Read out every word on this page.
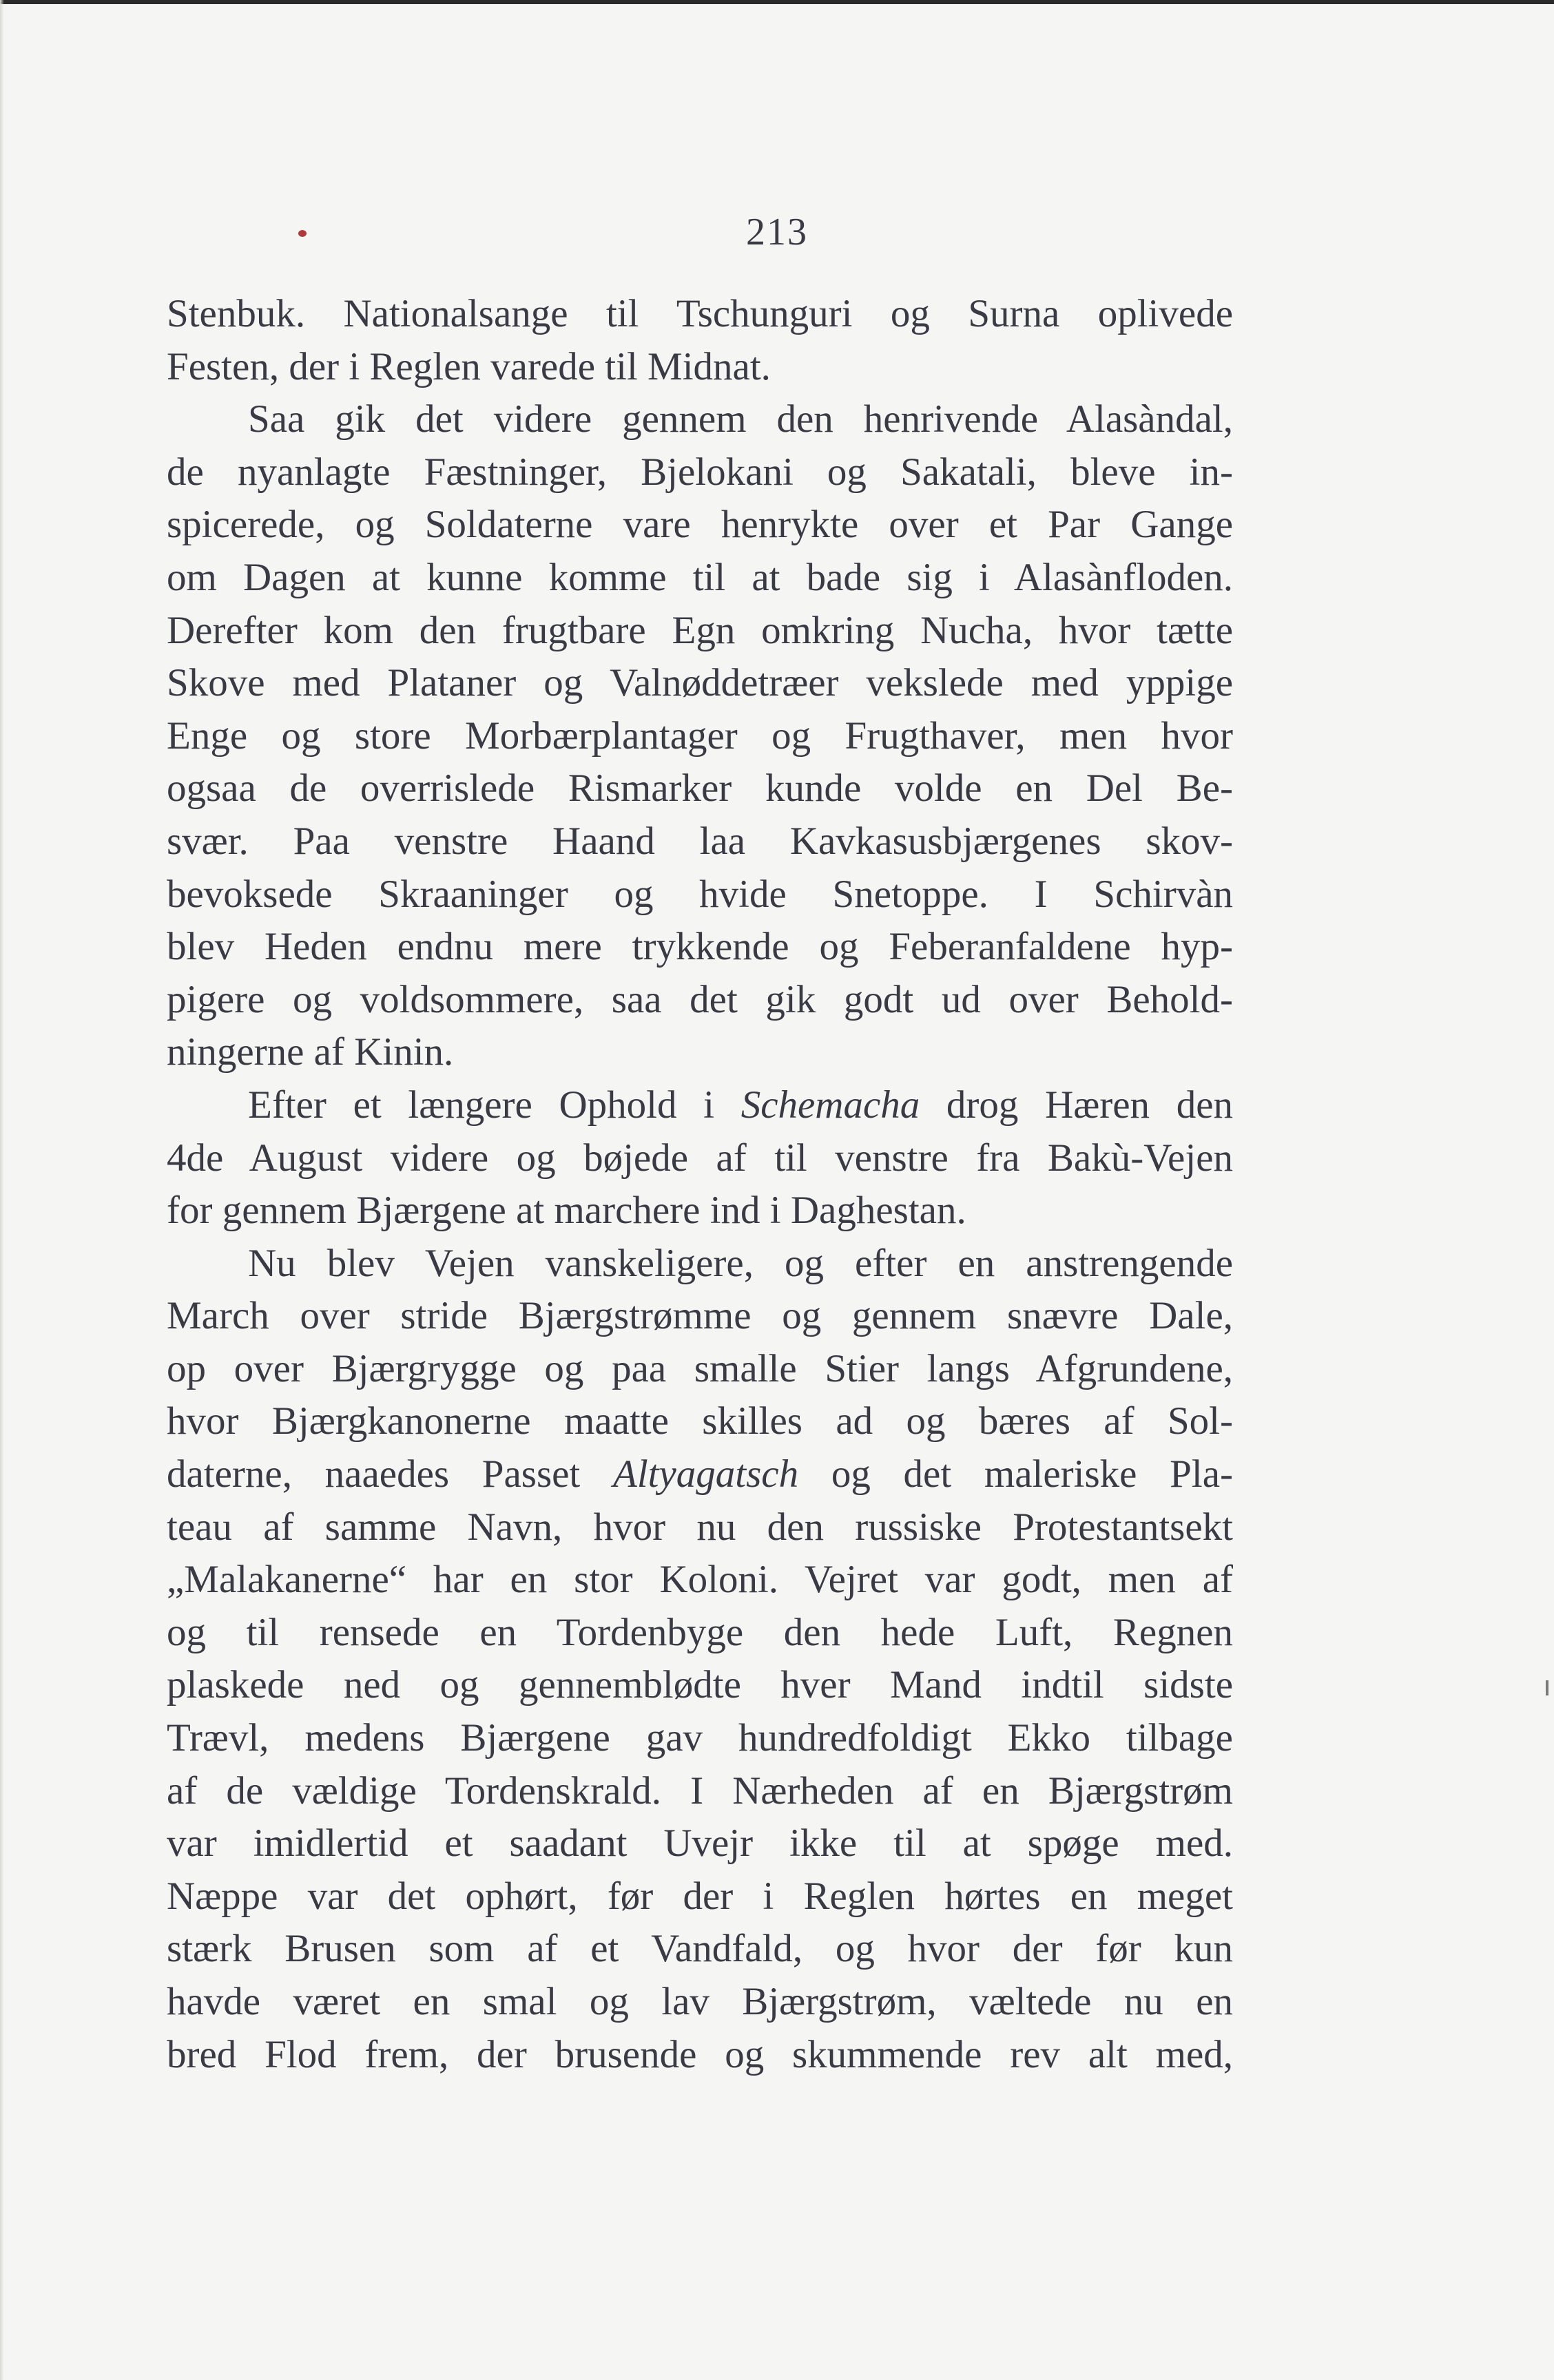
213
Stenbuk. Nationalsange til Tschunguri og Surna oplivede
Festen, der i Reglen varede til Midnat.
Saa gik det videre gennem den henrivende Alasàndal,
de nyanlagte Fæstninger, Bjelokani og Sakatali, bleve in-
spicerede, og Soldaterne vare henrykte over et Par Gange
om Dagen at kunne komme til at bade sig i Alasànfloden.
Derefter kom den frugtbare Egn omkring Nucha, hvor tætte
Skove med Plataner og Valnøddetræer vekslede med yppige
Enge og store Morbærplantager og Frugthaver, men hvor
ogsaa de overrislede Rismarker kunde volde en Del Be-
svær. Paa venstre Haand laa Kavkasusbjærgenes skov-
bevoksede Skraaninger og hvide Snetoppe. I Schirvàn
blev Heden endnu mere trykkende og Feberanfaldene hyp-
pigere og voldsommere, saa det gik godt ud over Behold-
ningerne af Kinin.
Efter et længere Ophold i Schemacha drog Hæren den
4de August videre og bøjede af til venstre fra Bakù-Vejen
for gennem Bjærgene at marchere ind i Daghestan.
Nu blev Vejen vanskeligere, og efter en anstrengende
March over stride Bjærgstrømme og gennem snævre Dale,
op over Bjærgrygge og paa smalle Stier langs Afgrundene,
hvor Bjærgkanonerne maatte skilles ad og bæres af Sol-
daterne, naaedes Passet Altyagatsch og det maleriske Pla-
teau af samme Navn, hvor nu den russiske Protestantsekt
„Malakanerne“ har en stor Koloni. Vejret var godt, men af
og til rensede en Tordenbyge den hede Luft, Regnen
plaskede ned og gennemblødte hver Mand indtil sidste
Trævl, medens Bjærgene gav hundredfoldigt Ekko tilbage
af de vældige Tordenskrald. I Nærheden af en Bjærgstrøm
var imidlertid et saadant Uvejr ikke til at spøge med.
Næppe var det ophørt, før der i Reglen hørtes en meget
stærk Brusen som af et Vandfald, og hvor der før kun
havde været en smal og lav Bjærgstrøm, væltede nu en
bred Flod frem, der brusende og skummende rev alt med,
